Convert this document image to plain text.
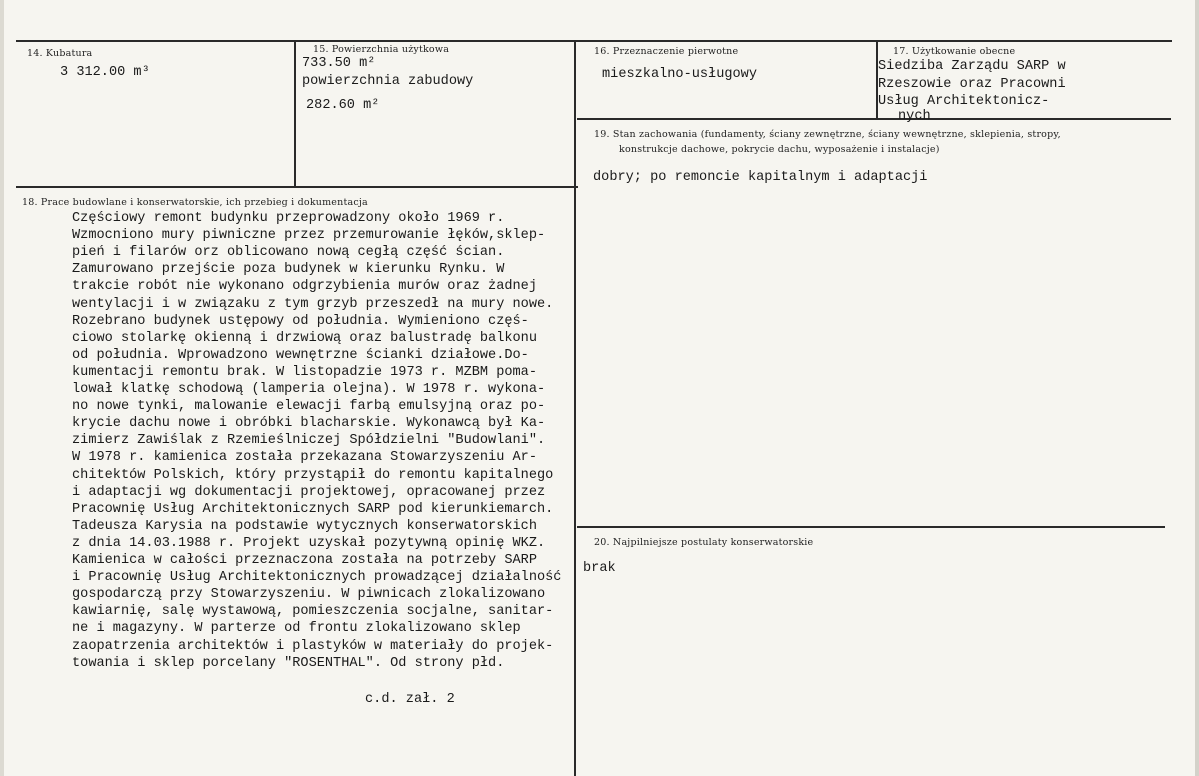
14. Kubatura
3 312.00 m³
15. Powierzchnia użytkowa
733.50 m²
powierzchnia zabudowy
282.60 m²
16. Przeznaczenie pierwotne
mieszkalno-usługowy
17. Użytkowanie obecne
Siedziba Zarządu SARP w
Rzeszowie oraz Pracowni
Usług Architektonicz-
nych
19. Stan zachowania (fundamenty, ściany zewnętrzne, ściany wewnętrzne, sklepienia, stropy,
konstrukcje dachowe, pokrycie dachu, wyposażenie i instalacje)
dobry; po remoncie kapitalnym i adaptacji
20. Najpilniejsze postulaty konserwatorskie
brak
18. Prace budowlane i konserwatorskie, ich przebieg i dokumentacja
Częściowy remont budynku przeprowadzony około 1969 r.
Wzmocniono mury piwniczne przez przemurowanie łęków,sklep-
pień i filarów orz oblicowano nową cegłą część ścian.
Zamurowano przejście poza budynek w kierunku Rynku. W
trakcie robót nie wykonano odgrzybienia murów oraz żadnej
wentylacji i w związaku z tym grzyb przeszedł na mury nowe.
Rozebrano budynek ustępowy od południa. Wymieniono częś-
ciowo stolarkę okienną i drzwiową oraz balustradę balkonu
od południa. Wprowadzono wewnętrzne ścianki działowe.Do-
kumentacji remontu brak. W listopadzie 1973 r. MZBM poma-
lował klatkę schodową (lamperia olejna). W 1978 r. wykona-
no nowe tynki, malowanie elewacji farbą emulsyjną oraz po-
krycie dachu nowe i obróbki blacharskie. Wykonawcą był Ka-
zimierz Zawiślak z Rzemieślniczej Spółdzielni "Budowlani".
W 1978 r. kamienica została przekazana Stowarzyszeniu Ar-
chitektów Polskich, który przystąpił do remontu kapitalnego
i adaptacji wg dokumentacji projektowej, opracowanej przez
Pracownię Usług Architektonicznych SARP pod kierunkiemarch.
Tadeusza Karysia na podstawie wytycznych konserwatorskich
z dnia 14.03.1988 r. Projekt uzyskał pozytywną opinię WKZ.
Kamienica w całości przeznaczona została na potrzeby SARP
i Pracownię Usług Architektonicznych prowadzącej działalność
gospodarczą przy Stowarzyszeniu. W piwnicach zlokalizowano
kawiarnię, salę wystawową, pomieszczenia socjalne, sanitar-
ne i magazyny. W parterze od frontu zlokalizowano sklep
zaopatrzenia architektów i plastyków w materiały do projek-
towania i sklep porcelany "ROSENTHAL". Od strony płd.
c.d. zał. 2
